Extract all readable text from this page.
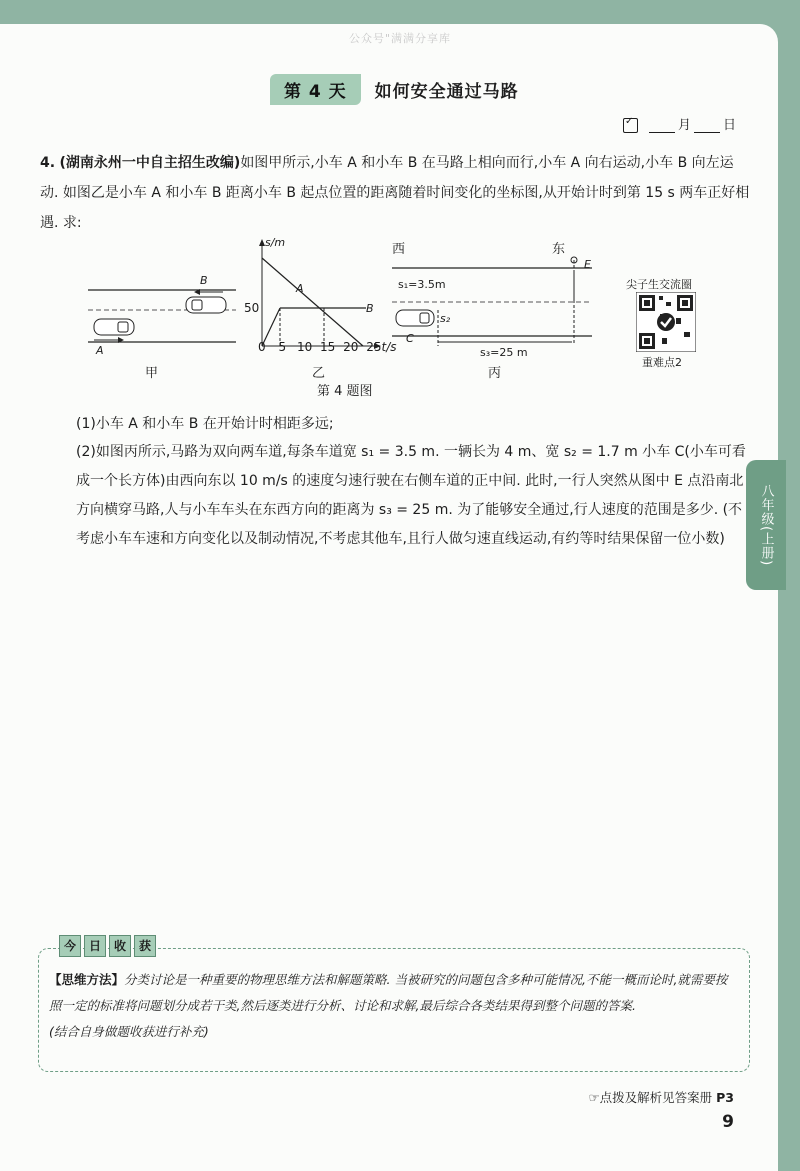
公众号"满满分享库
第 4 天	如何安全通过马路
✓
月 日
4. (湖南永州一中自主招生改编)如图甲所示,小车 A 和小车 B 在马路上相向而行,小车 A 向右运动,小车 B 向左运动. 如图乙是小车 A 和小车 B 距离小车 B 起点位置的距离随着时间变化的坐标图,从开始计时到第 15 s 两车正好相遇. 求:
B
A
甲
s/m
50
A
B
0 5 10 15 20 25t/s
乙
西	东
E
s₁=3.5m
s₂
C
s₃=25 m
丙
尖子生交流圈
重难点2
第 4 题图
(1)小车 A 和小车 B 在开始计时相距多远;
(2)如图丙所示,马路为双向两车道,每条车道宽 s₁ = 3.5 m. 一辆长为 4 m、宽 s₂ = 1.7 m 小车 C(小车可看成一个长方体)由西向东以 10 m/s 的速度匀速行驶在右侧车道的正中间. 此时,一行人突然从图中 E 点沿南北方向横穿马路,人与小车车头在东西方向的距离为 s₃ = 25 m. 为了能够安全通过,行人速度的范围是多少. (不考虑小车车速和方向变化以及制动情况,不考虑其他车,且行人做匀速直线运动,有约等时结果保留一位小数)	八年级(上册)
今	日	收	获
【思维方法】分类讨论是一种重要的物理思维方法和解题策略. 当被研究的问题包含多种可能情况,不能一概而论时,就需要按照一定的标准将问题划分成若干类,然后逐类进行分析、讨论和求解,最后综合各类结果得到整个问题的答案.
(结合自身做题收获进行补充)
☞点拨及解析见答案册 P3
9
